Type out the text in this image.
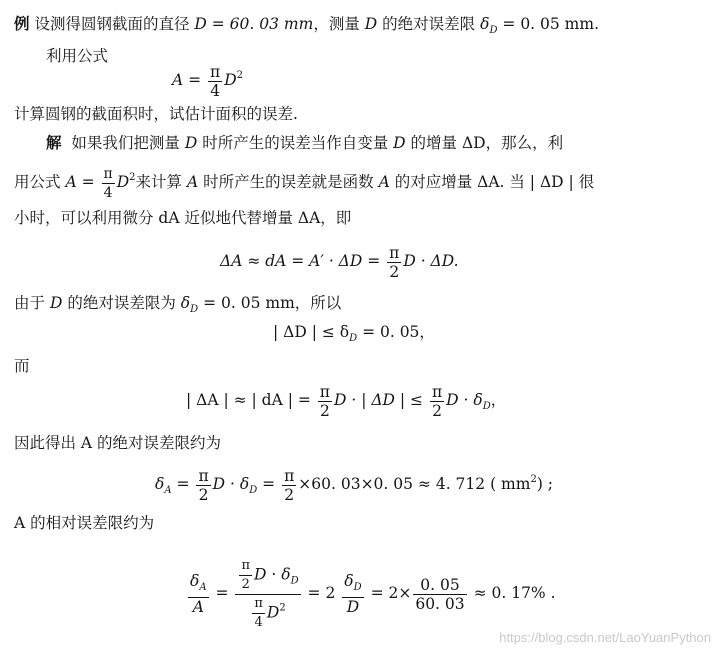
例 设测得圆钢截面的直径 D = 60. 03 mm，测量 D 的绝对误差限 $\delta_D = 0$. 05 mm.
利用公式
$A = \frac{\pi}{4} D^2$
计算圆钢的截面积时，试估计面积的误差.
解 如果我们把测量 D 时所产生的误差当作自变量 D 的增量 ΔD，那么，利
用公式 $A = \frac{\pi}{4} D^2$来计算 A 时所产生的误差就是函数 A 的对应增量 ΔA. 当 | ΔD | 很
小时，可以利用微分 dA 近似地代替增量 ΔA，即
ΔA ≈ dA = $A' \cdot \Delta D = \frac{\pi}{2}$ D · ΔD.
由于 D 的绝对误差限为 $\delta_D = 0$. 05 mm，所以
| ΔD | ≤ $\delta_D = 0$. 05，
而
| ΔA | ≈ | dA | = $\frac{\pi}{2}$ D · | ΔD | ≤ $\frac{\pi}{2}$ $D \cdot \delta_D$，
因此得出 A 的绝对误差限约为
$\delta_A = \frac{\pi}{2}$ $D \cdot \delta_D = \frac{\pi}{2} \times 60$. 03×0. 05 ≈ 4. 712 ( $mm^2$) ;
A 的相对误差限约为
$\frac{\delta_A}{A} = \frac{\frac{\pi}{2} D \cdot \delta_D}{\frac{\pi}{4} D^2} = 2 \frac{\delta_D}{D} = 2\times \frac{0. 05}{60. 03} \approx 0$. 17% .
https://blog.csdn.net/LaoYuanPython
